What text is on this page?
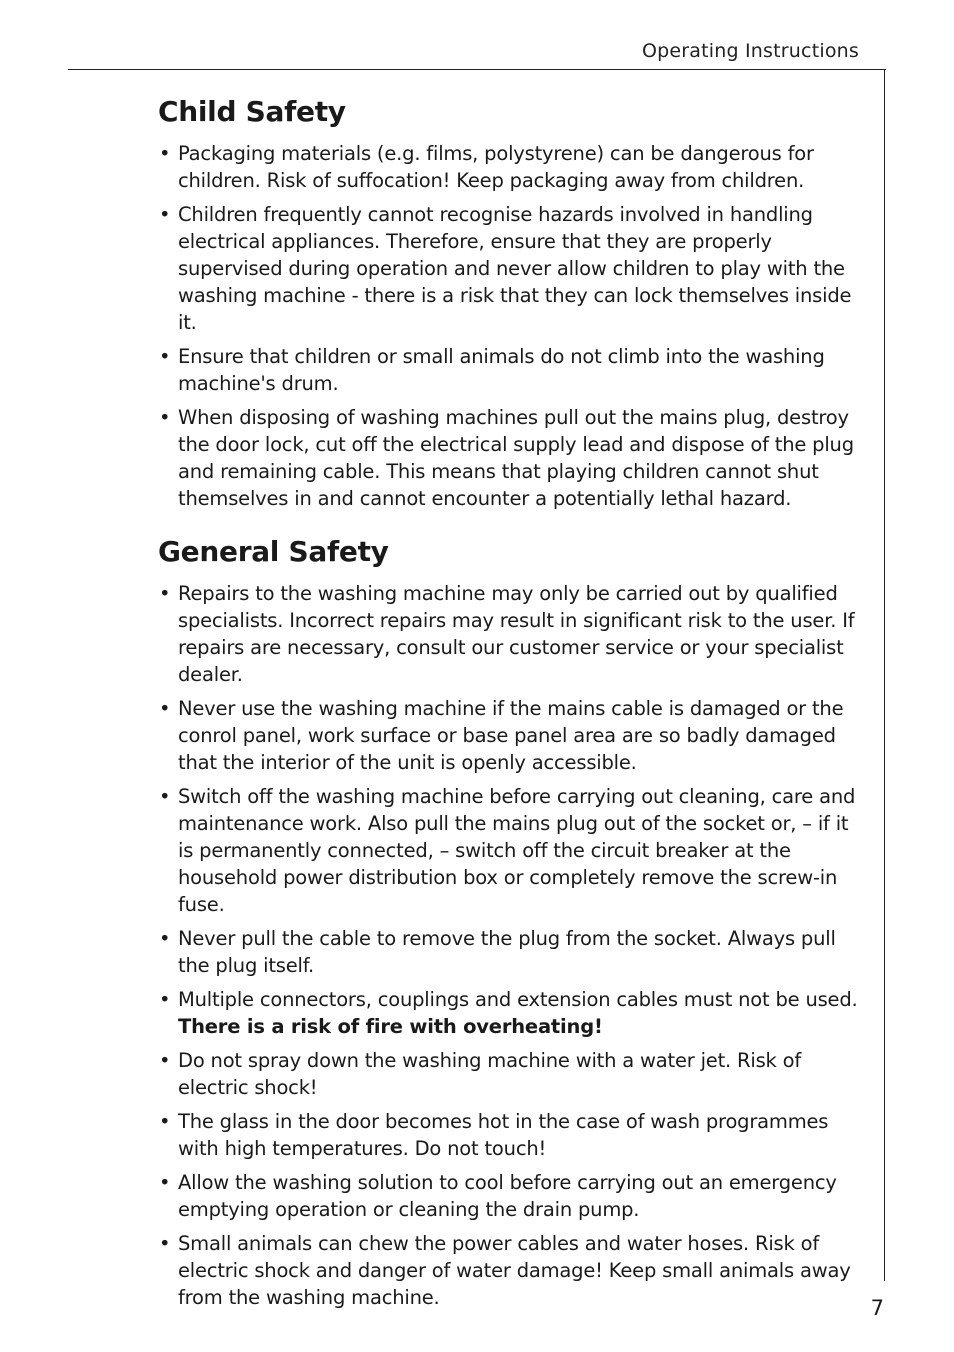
Operating Instructions
Child Safety
• Packaging materials (e.g. films, polystyrene) can be dangerous for children. Risk of suffocation! Keep packaging away from children.
• Children frequently cannot recognise hazards involved in handling electrical appliances. Therefore, ensure that they are properly supervised during operation and never allow children to play with the washing machine - there is a risk that they can lock themselves inside it.
• Ensure that children or small animals do not climb into the washing machine's drum.
• When disposing of washing machines pull out the mains plug, destroy the door lock, cut off the electrical supply lead and dispose of the plug and remaining cable. This means that playing children cannot shut themselves in and cannot encounter a potentially lethal hazard.
General Safety
• Repairs to the washing machine may only be carried out by qualified specialists. Incorrect repairs may result in significant risk to the user. If repairs are necessary, consult our customer service or your specialist dealer.
• Never use the washing machine if the mains cable is damaged or the conrol panel, work surface or base panel area are so badly damaged that the interior of the unit is openly accessible.
• Switch off the washing machine before carrying out cleaning, care and maintenance work. Also pull the mains plug out of the socket or, – if it is permanently connected, – switch off the circuit breaker at the household power distribution box or completely remove the screw-in fuse.
• Never pull the cable to remove the plug from the socket. Always pull the plug itself.
• Multiple connectors, couplings and extension cables must not be used. There is a risk of fire with overheating!
• Do not spray down the washing machine with a water jet. Risk of electric shock!
• The glass in the door becomes hot in the case of wash programmes with high temperatures. Do not touch!
• Allow the washing solution to cool before carrying out an emergency emptying operation or cleaning the drain pump.
• Small animals can chew the power cables and water hoses. Risk of electric shock and danger of water damage! Keep small animals away from the washing machine.	7
